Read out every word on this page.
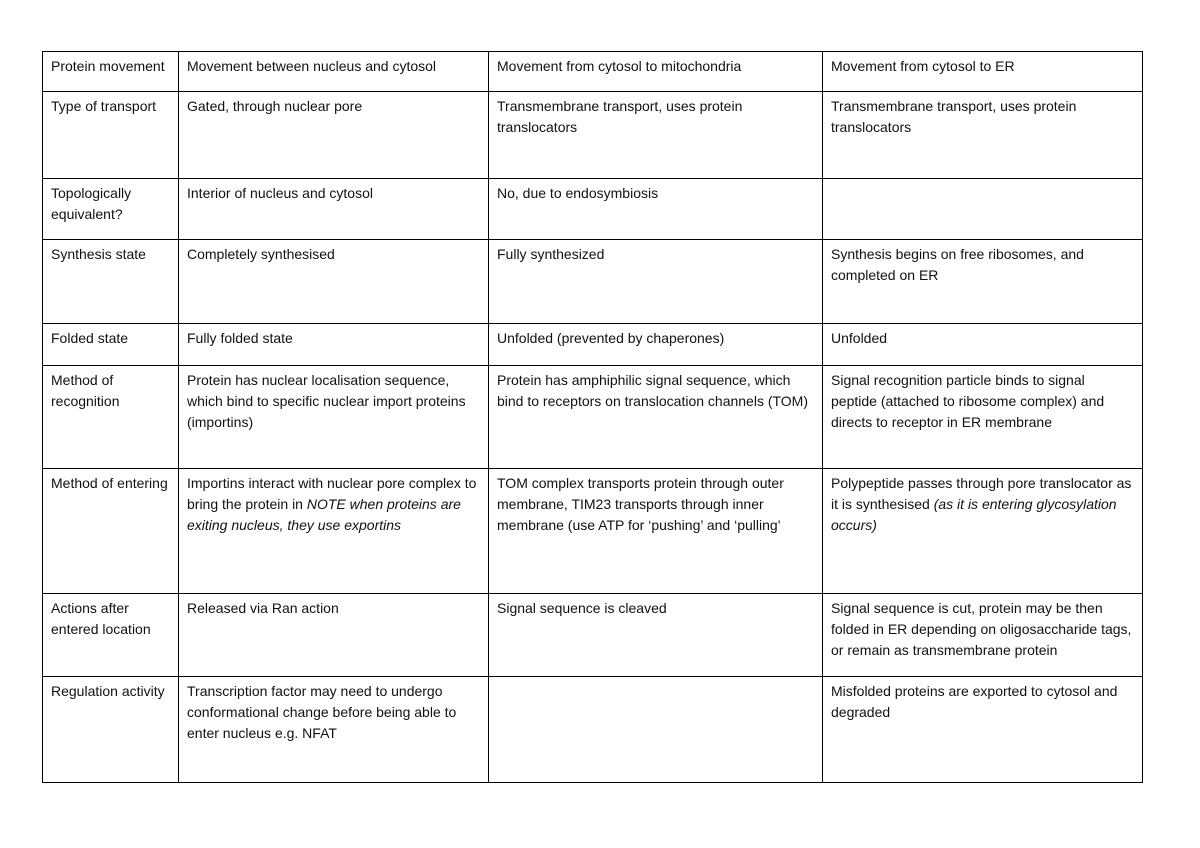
Protein movement	Movement between nucleus and cytosol	Movement from cytosol to mitochondria	Movement from cytosol to ER
Type of transport	Gated, through nuclear pore	Transmembrane transport, uses protein translocators	Transmembrane transport, uses protein translocators
Topologically equivalent?	Interior of nucleus and cytosol	No, due to endosymbiosis	
Synthesis state	Completely synthesised	Fully synthesized	Synthesis begins on free ribosomes, and completed on ER
Folded state	Fully folded state	Unfolded (prevented by chaperones)	Unfolded
Method of recognition	Protein has nuclear localisation sequence, which bind to specific nuclear import proteins (importins)	Protein has amphiphilic signal sequence, which bind to receptors on translocation channels (TOM)	Signal recognition particle binds to signal peptide (attached to ribosome complex) and directs to receptor in ER membrane
Method of entering	Importins interact with nuclear pore complex to bring the protein in NOTE when proteins are exiting nucleus, they use exportins	TOM complex transports protein through outer membrane, TIM23 transports through inner membrane (use ATP for ‘pushing’ and ‘pulling’	Polypeptide passes through pore translocator as it is synthesised (as it is entering glycosylation occurs)
Actions after entered location	Released via Ran action	Signal sequence is cleaved	Signal sequence is cut, protein may be then folded in ER depending on oligosaccharide tags, or remain as transmembrane protein
Regulation activity	Transcription factor may need to undergo conformational change before being able to enter nucleus e.g. NFAT		Misfolded proteins are exported to cytosol and degraded
